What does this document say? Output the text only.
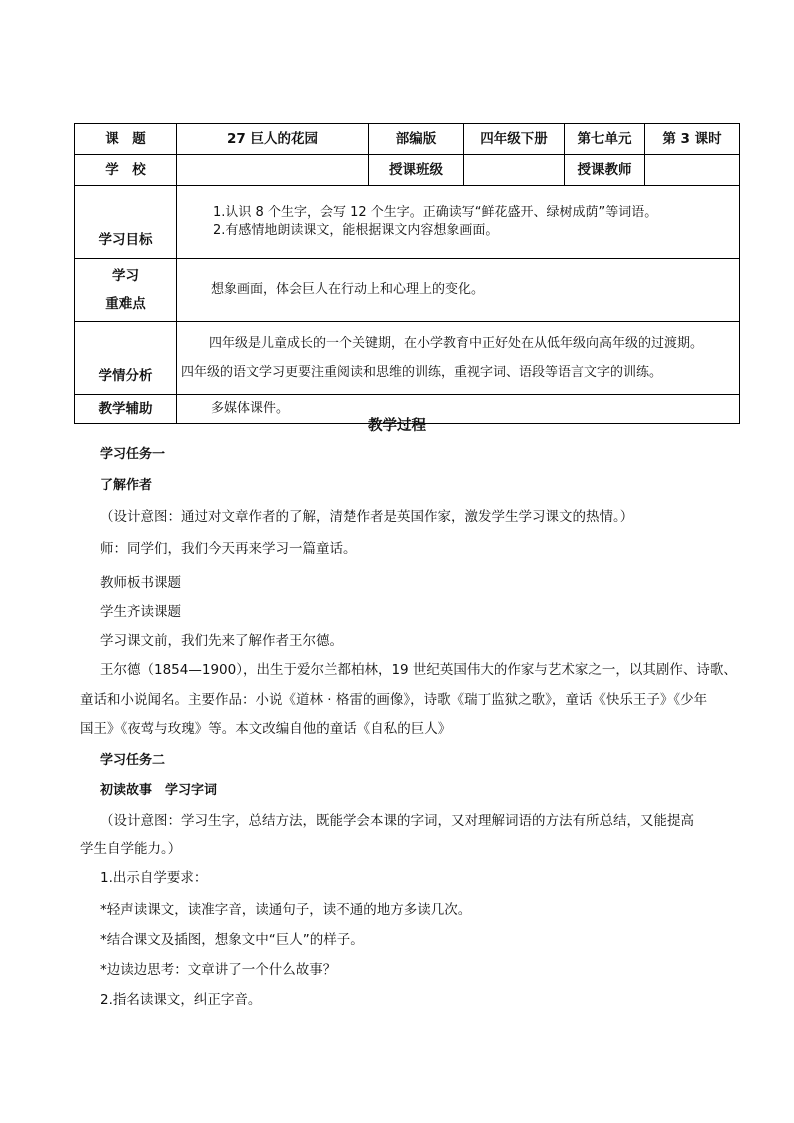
课　题	27 巨人的花园	部编版	四年级下册	第七单元	第 3 课时
学　校		授课班级		授课教师	
学习目标	1.认识 8 个生字，会写 12 个生字。正确读写“鲜花盛开、绿树成荫”等词语。
2.有感情地朗读课文，能根据课文内容想象画面。				

学习
重难点	想象画面，体会巨人在行动上和心理上的变化。				
学情分析	四年级是儿童成长的一个关键期，在小学教育中正好处在从低年级向高年级的过渡期。
四年级的语文学习更要注重阅读和思维的训练，重视字词、语段等语言文字的训练。				

教学辅助	多媒体课件。				
教学过程
学习任务一
了解作者
（设计意图：通过对文章作者的了解，清楚作者是英国作家，激发学生学习课文的热情。）
师：同学们，我们今天再来学习一篇童话。
教师板书课题
学生齐读课题
学习课文前，我们先来了解作者王尔德。
王尔德（1854—1900），出生于爱尔兰都柏林，19 世纪英国伟大的作家与艺术家之一，以其剧作、诗歌、
童话和小说闻名。主要作品：小说《道林 · 格雷的画像》，诗歌《瑞丁监狱之歌》，童话《快乐王子》《少年
国王》《夜莺与玫瑰》等。本文改编自他的童话《自私的巨人》
学习任务二
初读故事　学习字词
（设计意图：学习生字，总结方法，既能学会本课的字词，又对理解词语的方法有所总结，又能提高
学生自学能力。）
1.出示自学要求：
*轻声读课文，读准字音，读通句子，读不通的地方多读几次。
*结合课文及插图，想象文中“巨人”的样子。
*边读边思考：文章讲了一个什么故事？
2.指名读课文，纠正字音。
